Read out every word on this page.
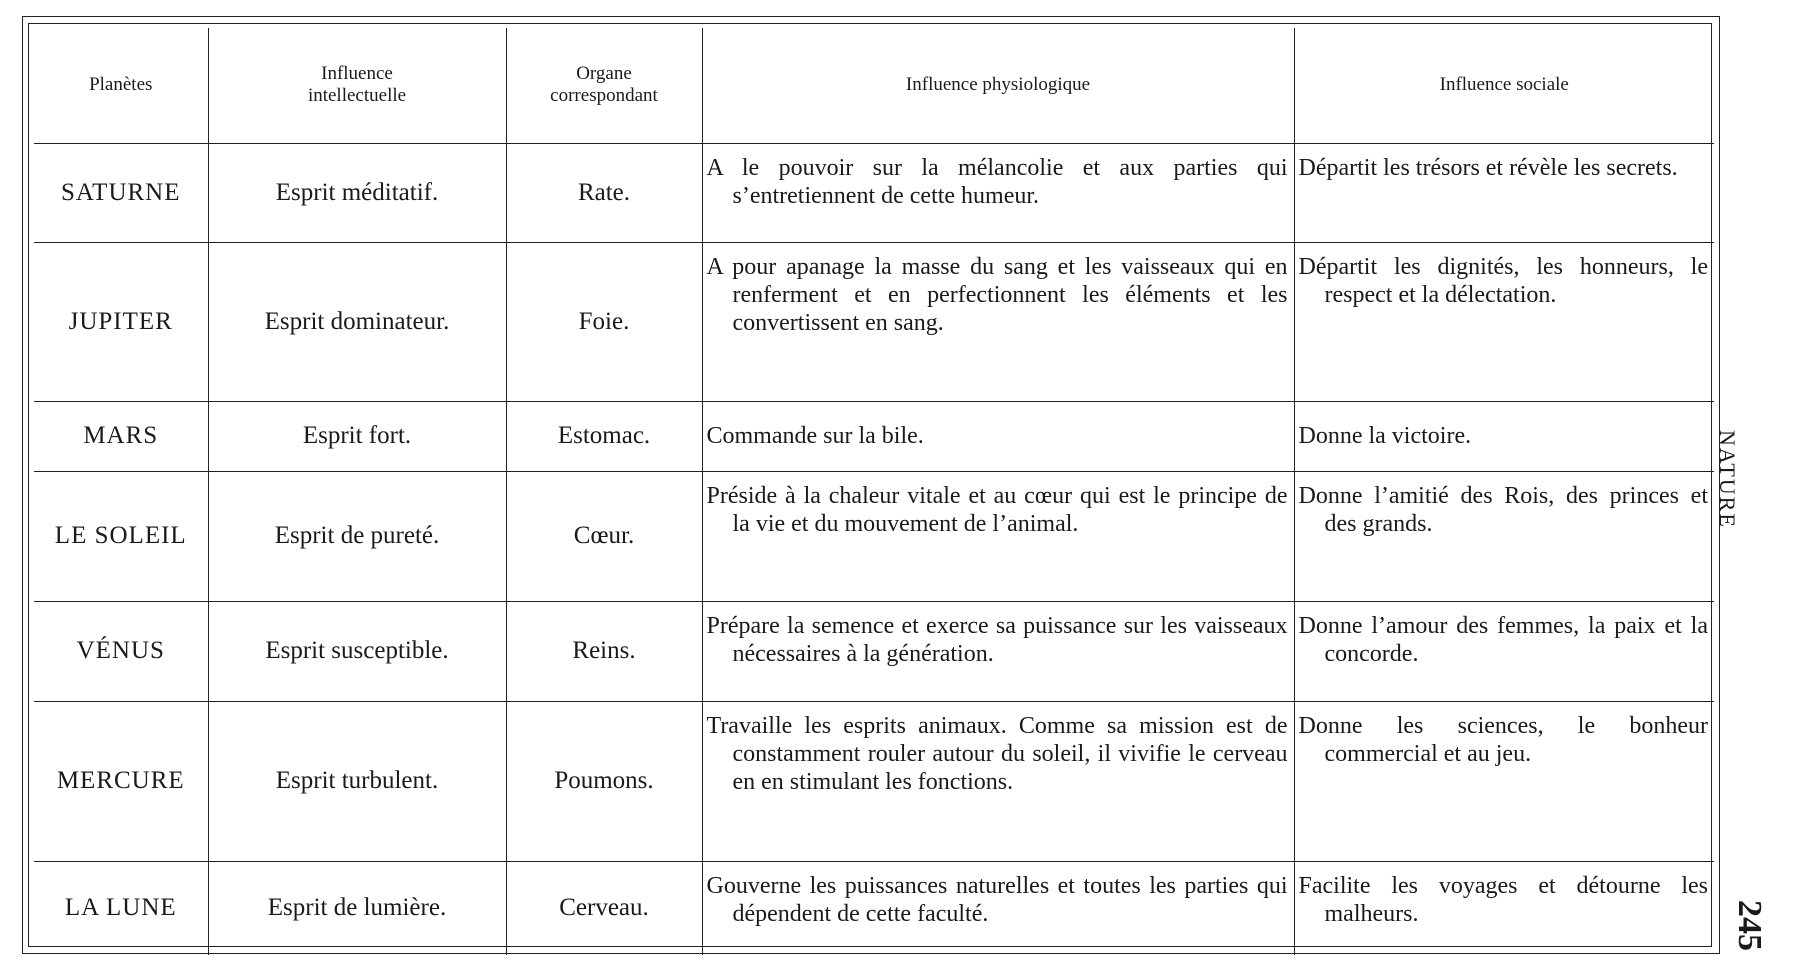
Planètes	Influence intellectuelle	Organe correspondant	Influence physiologique	Influence sociale
SATURNE	Esprit méditatif.	Rate.	A le pouvoir sur la mélancolie et aux parties qui s’entretiennent de cette humeur.	Départit les trésors et révèle les secrets.
JUPITER	Esprit dominateur.	Foie.	A pour apanage la masse du sang et les vaisseaux qui en renferment et en perfectionnent les éléments et les convertissent en sang.	Départit les dignités, les honneurs, le respect et la délectation.
MARS	Esprit fort.	Estomac.	Commande sur la bile.	Donne la victoire.
LE SOLEIL	Esprit de pureté.	Cœur.	Préside à la chaleur vitale et au cœur qui est le principe de la vie et du mouvement de l’animal.	Donne l’amitié des Rois, des princes et des grands.
VÉNUS	Esprit susceptible.	Reins.	Prépare la semence et exerce sa puissance sur les vaisseaux nécessaires à la génération.	Donne l’amour des femmes, la paix et la concorde.
MERCURE	Esprit turbulent.	Poumons.	Travaille les esprits animaux. Comme sa mission est de constamment rouler autour du soleil, il vivifie le cerveau en en stimulant les fonctions.	Donne les sciences, le bonheur commercial et au jeu.
LA LUNE	Esprit de lumière.	Cerveau.	Gouverne les puissances naturelles et toutes les parties qui dépendent de cette faculté.	Facilite les voyages et détourne les malheurs.
NATURE
245
